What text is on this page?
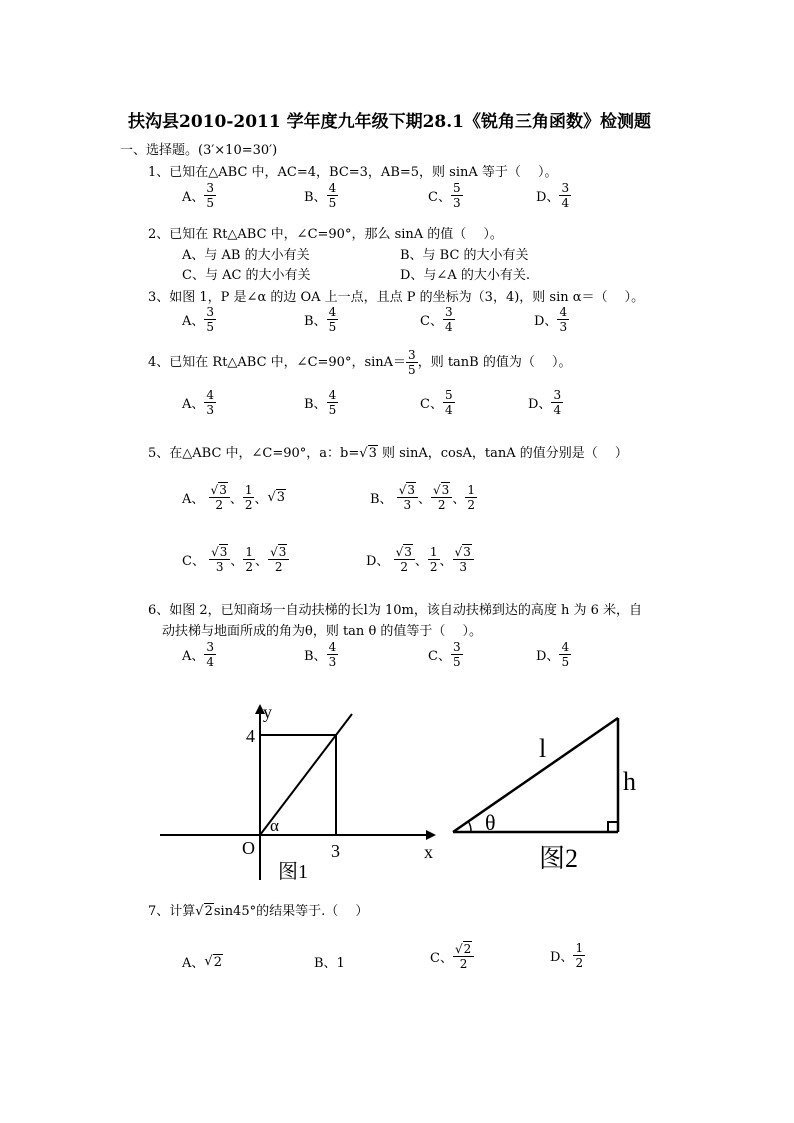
扶沟县2010-2011 学年度九年级下期28.1《锐角三角函数》检测题
一、选择题。(3′×10=30′)
1、已知在△ABC 中，AC=4，BC=3，AB=5，则 sinA 等于（　 ）。
A、 $\frac{3}{5}$	B、 $\frac{4}{5}$	C、 $\frac{5}{3}$	D、 $\frac{3}{4}$
2、已知在 Rt△ABC 中，∠C=90°，那么 sinA 的值（　 ）。
A、与 AB 的大小有关	B、与 BC 的大小有关
C、与 AC 的大小有关	D、与∠A 的大小有关.
3、如图 1，P 是∠α 的边 OA 上一点，且点 P 的坐标为（3，4)，则 sin α＝（　 ）。
A、 $\frac{3}{5}$	B、 $\frac{4}{5}$	C、 $\frac{3}{4}$	D、 $\frac{4}{3}$
4、已知在 Rt△ABC 中，∠C=90°，$\sin A= \frac{3}{5}$ ，则 tanB 的值为（　 ）。
A、 $\frac{4}{3}$	B、 $\frac{4}{5}$	C、 $\frac{5}{4}$	D、 $\frac{3}{4}$
5、在△ABC 中，∠C=90°，a：b=√3 则 sinA，cosA，tanA 的值分别是（　 ）
A、 $\frac{√3}{2}$ 、 $\frac{1}{2}$ 、√3	B、 $\frac{√3}{3}$ 、 $\frac{√3}{2}$ 、 $\frac{1}{2}$
C、 $\frac{√3}{3}$ 、 $\frac{1}{2}$ 、 $\frac{√3}{2}$	D、 $\frac{√3}{2}$ 、 $\frac{1}{2}$ 、 $\frac{√3}{3}$
6、如图 2，已知商场一自动扶梯的长l为 10m，该自动扶梯到达的高度 h 为 6 米，自
动扶梯与地面所成的角为θ，则 tan θ 的值等于（　 ）。
A、 $\frac{3}{4}$	B、 $\frac{4}{3}$	C、 $\frac{3}{5}$	D、 $\frac{4}{5}$
y
x
O
4
3
α
图1
l
h
θ
图2
7、计算√2sin45°的结果等于.（　 ）
A、√2	B、1	C、 $\frac{√2}{2}$	D、 $\frac{1}{2}$
